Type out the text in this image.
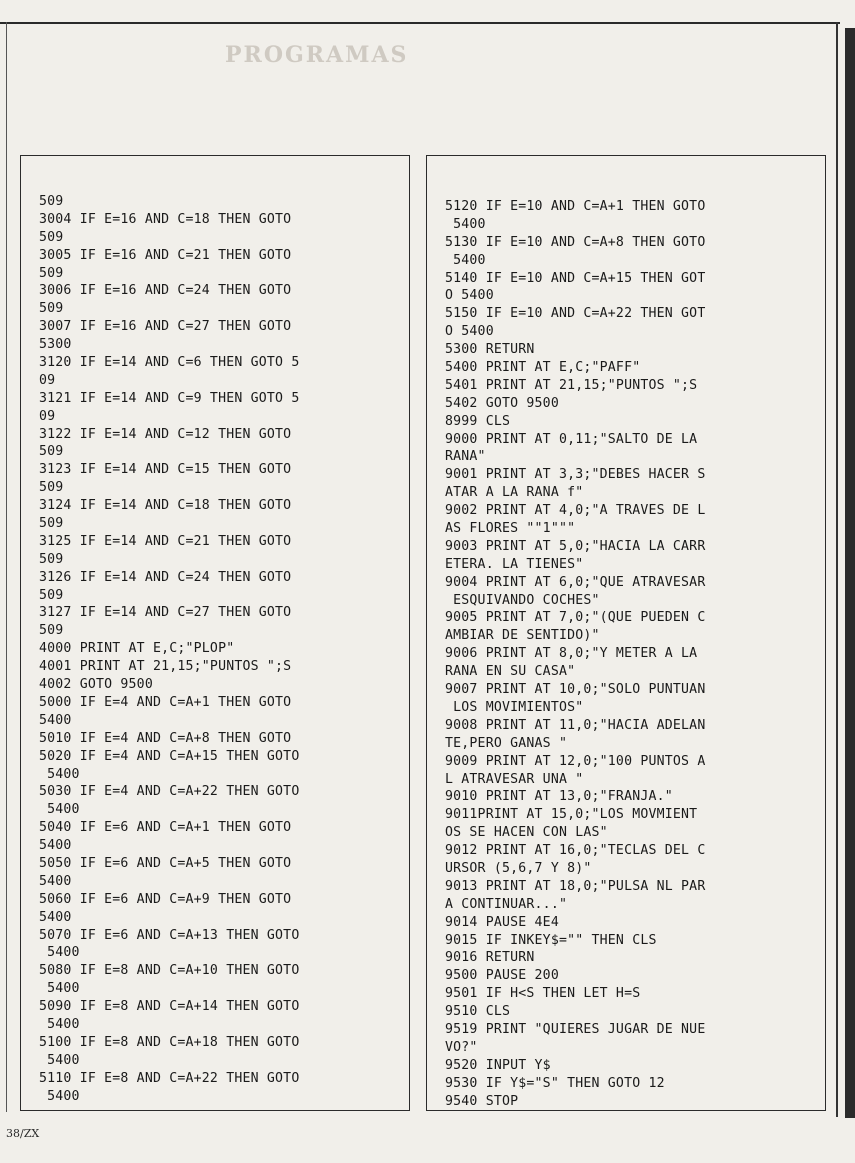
PROGRAMAS
509
3004 IF E=16 AND C=18 THEN GOTO
509
3005 IF E=16 AND C=21 THEN GOTO
509
3006 IF E=16 AND C=24 THEN GOTO
509
3007 IF E=16 AND C=27 THEN GOTO
5300
3120 IF E=14 AND C=6 THEN GOTO 5
09
3121 IF E=14 AND C=9 THEN GOTO 5
09
3122 IF E=14 AND C=12 THEN GOTO
509
3123 IF E=14 AND C=15 THEN GOTO
509
3124 IF E=14 AND C=18 THEN GOTO
509
3125 IF E=14 AND C=21 THEN GOTO
509
3126 IF E=14 AND C=24 THEN GOTO
509
3127 IF E=14 AND C=27 THEN GOTO
509
4000 PRINT AT E,C;"PLOP"
4001 PRINT AT 21,15;"PUNTOS ";S
4002 GOTO 9500
5000 IF E=4 AND C=A+1 THEN GOTO
5400
5010 IF E=4 AND C=A+8 THEN GOTO
5020 IF E=4 AND C=A+15 THEN GOTO
5400
5030 IF E=4 AND C=A+22 THEN GOTO
5400
5040 IF E=6 AND C=A+1 THEN GOTO
5400
5050 IF E=6 AND C=A+5 THEN GOTO
5400
5060 IF E=6 AND C=A+9 THEN GOTO
5400
5070 IF E=6 AND C=A+13 THEN GOTO
5400
5080 IF E=8 AND C=A+10 THEN GOTO
5400
5090 IF E=8 AND C=A+14 THEN GOTO
5400
5100 IF E=8 AND C=A+18 THEN GOTO
5400
5110 IF E=8 AND C=A+22 THEN GOTO
5400
5120 IF E=10 AND C=A+1 THEN GOTO
5400
5130 IF E=10 AND C=A+8 THEN GOTO
5400
5140 IF E=10 AND C=A+15 THEN GOT
O 5400
5150 IF E=10 AND C=A+22 THEN GOT
O 5400
5300 RETURN
5400 PRINT AT E,C;"PAFF"
5401 PRINT AT 21,15;"PUNTOS ";S
5402 GOTO 9500
8999 CLS
9000 PRINT AT 0,11;"SALTO DE LA
RANA"
9001 PRINT AT 3,3;"DEBES HACER S
ATAR A LA RANA f"
9002 PRINT AT 4,0;"A TRAVES DE L
AS FLORES ""1"""
9003 PRINT AT 5,0;"HACIA LA CARR
ETERA. LA TIENES"
9004 PRINT AT 6,0;"QUE ATRAVESAR
ESQUIVANDO COCHES"
9005 PRINT AT 7,0;"(QUE PUEDEN C
AMBIAR DE SENTIDO)"
9006 PRINT AT 8,0;"Y METER A LA
RANA EN SU CASA"
9007 PRINT AT 10,0;"SOLO PUNTUAN
LOS MOVIMIENTOS"
9008 PRINT AT 11,0;"HACIA ADELAN
TE,PERO GANAS "
9009 PRINT AT 12,0;"100 PUNTOS A
L ATRAVESAR UNA "
9010 PRINT AT 13,0;"FRANJA."
9011PRINT AT 15,0;"LOS MOVMIENT
OS SE HACEN CON LAS"
9012 PRINT AT 16,0;"TECLAS DEL C
URSOR (5,6,7 Y 8)"
9013 PRINT AT 18,0;"PULSA NL PAR
A CONTINUAR..."
9014 PAUSE 4E4
9015 IF INKEY$="" THEN CLS
9016 RETURN
9500 PAUSE 200
9501 IF H<S THEN LET H=S
9510 CLS
9519 PRINT "QUIERES JUGAR DE NUE
VO?"
9520 INPUT Y$
9530 IF Y$="S" THEN GOTO 12
9540 STOP
38/ZX
